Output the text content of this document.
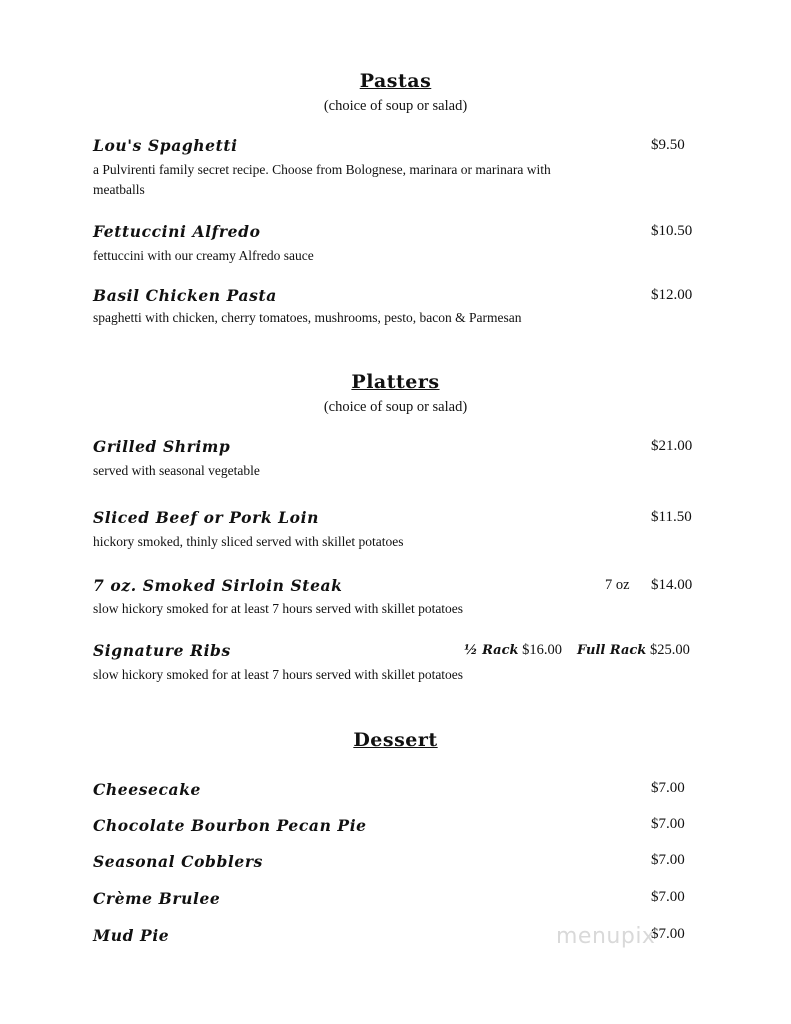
Pastas
(choice of soup or salad)
Lou's Spaghetti	$9.50
a Pulvirenti family secret recipe. Choose from Bolognese, marinara or marinara with meatballs
Fettuccini Alfredo	$10.50
fettuccini with our creamy Alfredo sauce
Basil Chicken Pasta	$12.00
spaghetti with chicken, cherry tomatoes, mushrooms, pesto, bacon & Parmesan
Platters
(choice of soup or salad)
Grilled Shrimp	$21.00
served with seasonal vegetable
Sliced Beef or Pork Loin	$11.50
hickory smoked, thinly sliced served with skillet potatoes
7 oz. Smoked Sirloin Steak	7 oz $14.00
slow hickory smoked for at least 7 hours served with skillet potatoes
Signature Ribs	½ Rack $16.00 Full Rack $25.00
slow hickory smoked for at least 7 hours served with skillet potatoes
Dessert
Cheesecake	$7.00
Chocolate Bourbon Pecan Pie	$7.00
Seasonal Cobblers	$7.00
Crème Brulee	$7.00
Mud Pie	$7.00
menupix
